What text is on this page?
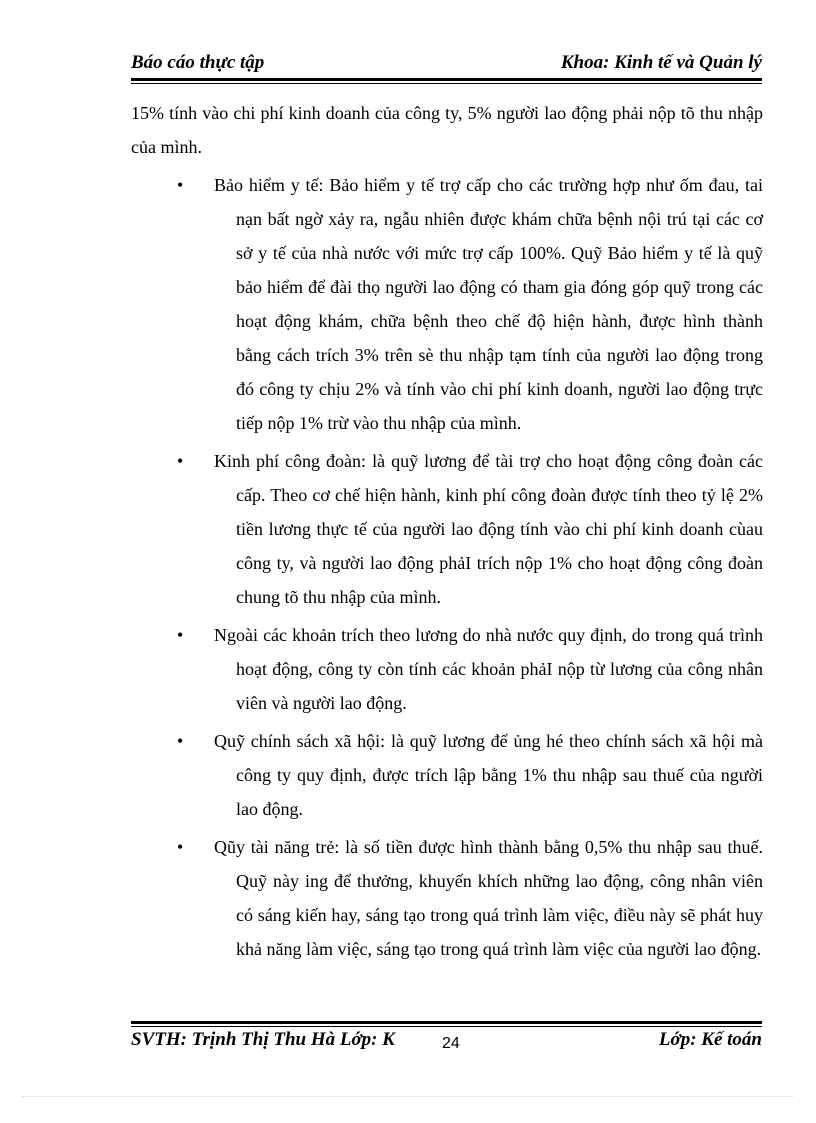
Báo cáo thực tập	Khoa: Kinh tế và Quản lý

15% tính vào chi phí kinh doanh của công ty, 5% người lao động phải nộp tõ thu nhập của mình.

•	Bảo hiểm y tế: Bảo hiểm y tế trợ cấp cho các trường hợp như ốm đau, tai nạn bất ngờ xảy ra, ngẫu nhiên được khám chữa bệnh nội trú tại các cơ sở y tế của nhà nước với mức trợ cấp 100%. Quỹ Bảo hiểm y tế là quỹ bảo hiểm để đài thọ người lao động có tham gia đóng góp quỹ trong các hoạt động khám, chữa bệnh theo chế độ hiện hành, được hình thành bằng cách trích 3% trên sè thu nhập tạm tính của người lao động trong đó công ty chịu 2% và tính vào chi phí kinh doanh, người lao động trực tiếp nộp 1% trừ vào thu nhập của mình.
•	Kinh phí công đoàn: là quỹ lương để tài trợ cho hoạt động công đoàn các cấp. Theo cơ chế hiện hành, kinh phí công đoàn được tính theo tỷ lệ 2% tiền lương thực tế của người lao động tính vào chi phí kinh doanh cùau công ty, và người lao động phảI trích nộp 1% cho hoạt động công đoàn chung tõ thu nhập của mình.
•	Ngoài các khoản trích theo lương do nhà nước quy định, do trong quá trình hoạt động, công ty còn tính các khoản phảI nộp từ lương của công nhân viên và người lao động.
•	Quỹ chính sách xã hội: là quỹ lương để ủng hé theo chính sách xã hội mà công ty quy định, được trích lập bằng 1% thu nhập sau thuế của người lao động.
•	Qũy tài năng trẻ: là số tiền được hình thành bằng 0,5% thu nhập sau thuế. Quỹ này ing để thưởng, khuyến khích những lao động, công nhân viên có sáng kiến hay, sáng tạo trong quá trình làm việc, điều này sẽ phát huy khả năng làm việc, sáng tạo trong quá trình làm việc của người lao động.
SVTH: Trịnh Thị Thu Hà Lớp: K	24	Lớp: Kế toán
